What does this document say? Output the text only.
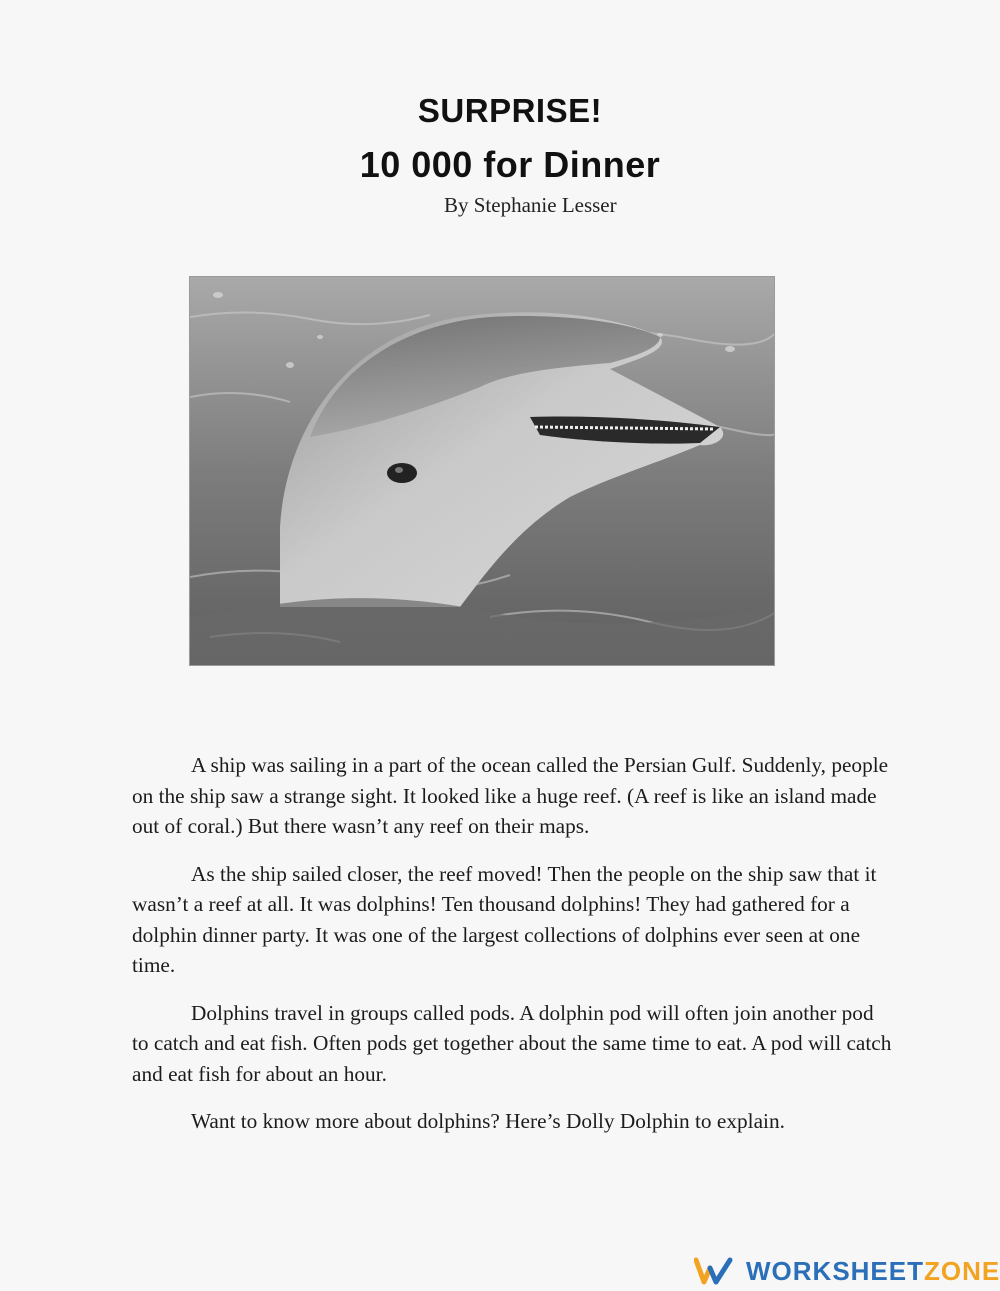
SURPRISE!
10 000 for Dinner
By Stephanie Lesser

A ship was sailing in a part of the ocean called the Persian Gulf. Suddenly, people on the ship saw a strange sight. It looked like a huge reef. (A reef is like an island made out of coral.) But there wasn’t any reef on their maps.

As the ship sailed closer, the reef moved! Then the people on the ship saw that it wasn’t a reef at all. It was dolphins! Ten thousand dolphins! They had gathered for a dolphin dinner party. It was one of the largest collections of dolphins ever seen at one time.

Dolphins travel in groups called pods. A dolphin pod will often join another pod to catch and eat fish. Often pods get together about the same time to eat. A pod will catch and eat fish for about an hour.

Want to know more about dolphins? Here’s Dolly Dolphin to explain.

WORKSHEETZONE
